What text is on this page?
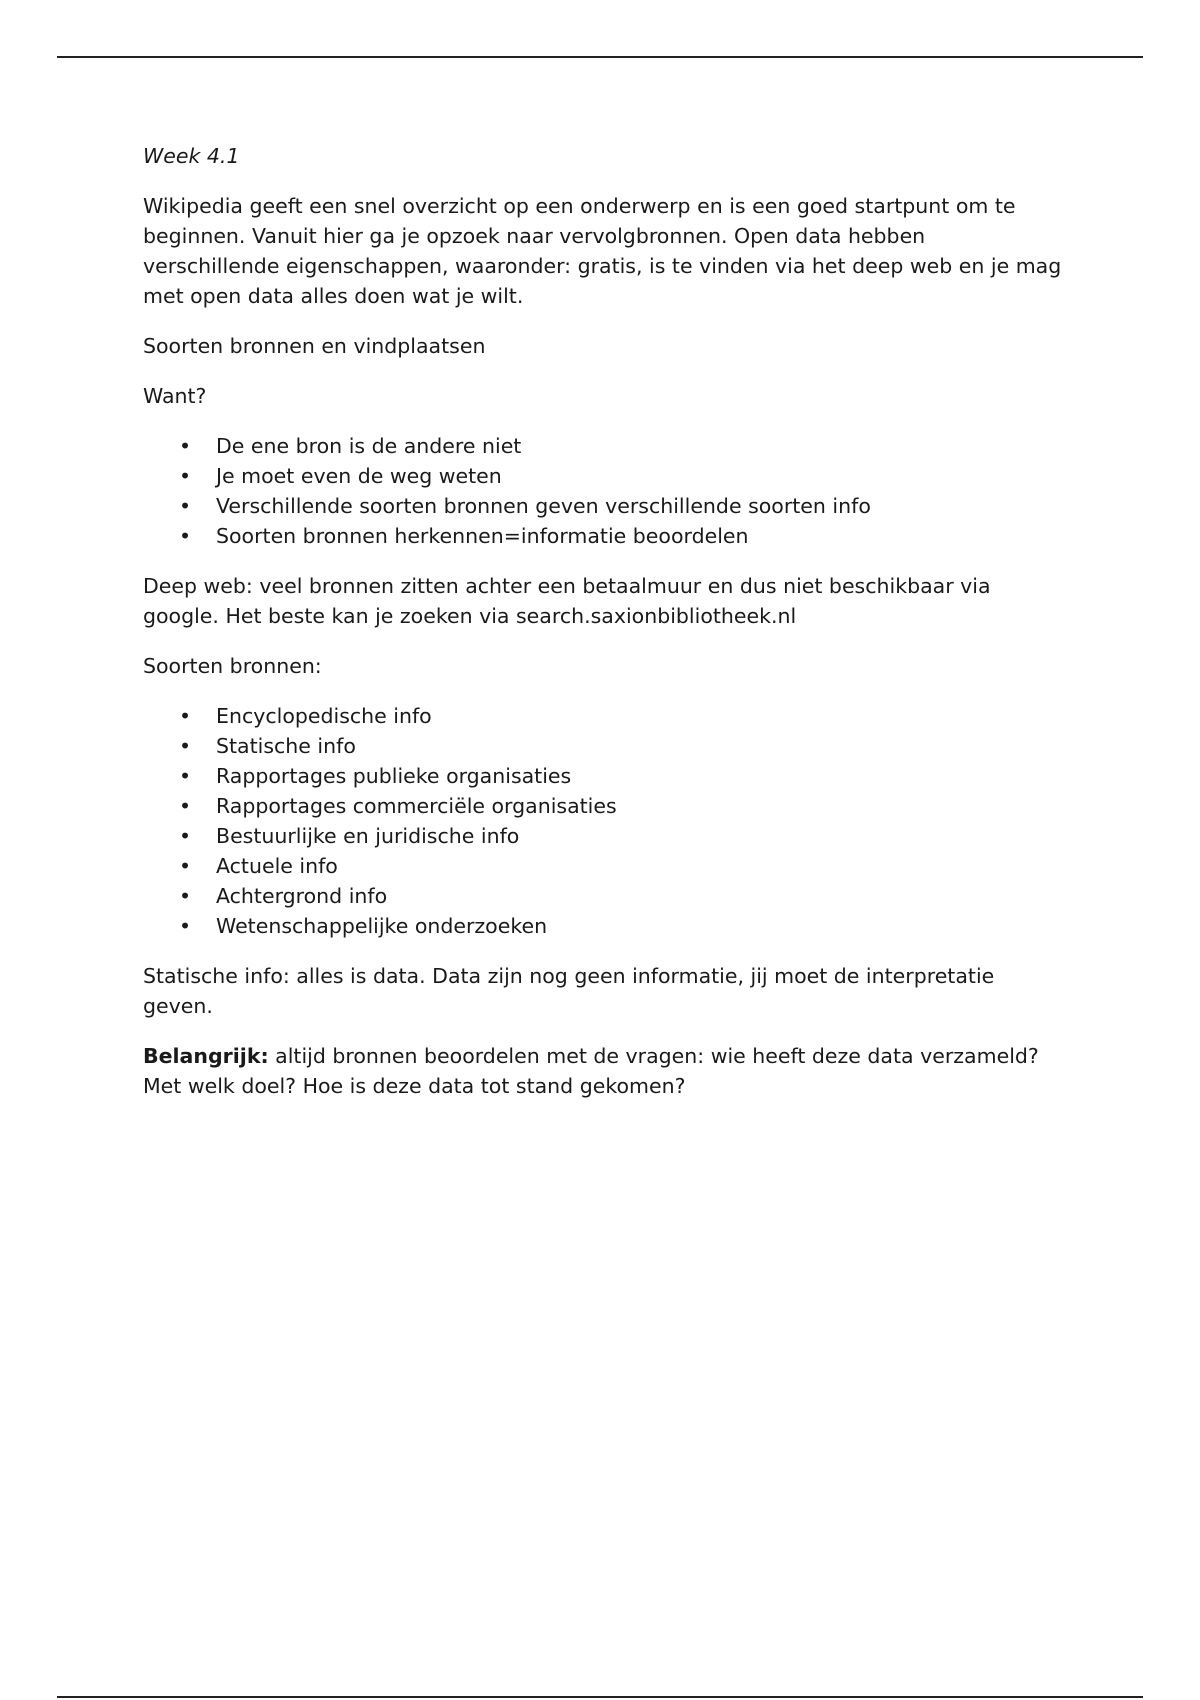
Week 4.1

Wikipedia geeft een snel overzicht op een onderwerp en is een goed startpunt om te beginnen. Vanuit hier ga je opzoek naar vervolgbronnen. Open data hebben verschillende eigenschappen, waaronder: gratis, is te vinden via het deep web en je mag met open data alles doen wat je wilt.

Soorten bronnen en vindplaatsen

Want?

• De ene bron is de andere niet
• Je moet even de weg weten
• Verschillende soorten bronnen geven verschillende soorten info
• Soorten bronnen herkennen=informatie beoordelen

Deep web: veel bronnen zitten achter een betaalmuur en dus niet beschikbaar via google. Het beste kan je zoeken via search.saxionbibliotheek.nl

Soorten bronnen:

• Encyclopedische info
• Statische info
• Rapportages publieke organisaties
• Rapportages commerciële organisaties
• Bestuurlijke en juridische info
• Actuele info
• Achtergrond info
• Wetenschappelijke onderzoeken

Statische info: alles is data. Data zijn nog geen informatie, jij moet de interpretatie geven.

Belangrijk: altijd bronnen beoordelen met de vragen: wie heeft deze data verzameld? Met welk doel? Hoe is deze data tot stand gekomen?
